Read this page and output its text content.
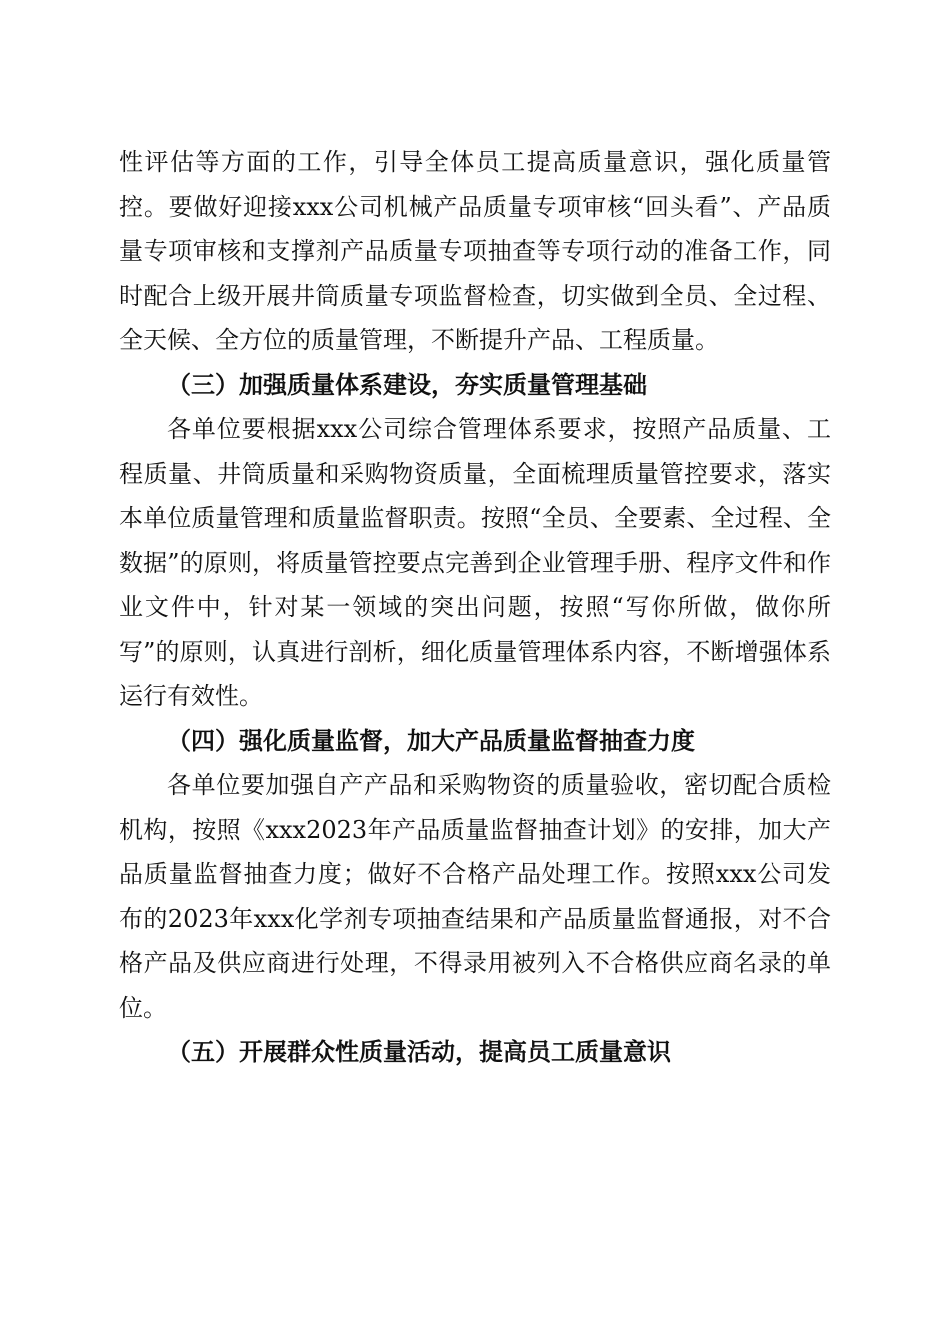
性评估等方面的工作，引导全体员工提高质量意识，强化质量管控。要做好迎接xxx公司机械产品质量专项审核“回头看”、产品质量专项审核和支撑剂产品质量专项抽查等专项行动的准备工作，同时配合上级开展井筒质量专项监督检查，切实做到全员、全过程、全天候、全方位的质量管理，不断提升产品、工程质量。

（三）加强质量体系建设，夯实质量管理基础

各单位要根据xxx公司综合管理体系要求，按照产品质量、工程质量、井筒质量和采购物资质量，全面梳理质量管控要求，落实本单位质量管理和质量监督职责。按照“全员、全要素、全过程、全数据”的原则，将质量管控要点完善到企业管理手册、程序文件和作业文件中，针对某一领域的突出问题，按照“写你所做，做你所写”的原则，认真进行剖析，细化质量管理体系内容，不断增强体系运行有效性。

（四）强化质量监督，加大产品质量监督抽查力度

各单位要加强自产产品和采购物资的质量验收，密切配合质检机构，按照《xxx2023年产品质量监督抽查计划》的安排，加大产品质量监督抽查力度；做好不合格产品处理工作。按照xxx公司发布的2023年xxx化学剂专项抽查结果和产品质量监督通报，对不合格产品及供应商进行处理，不得录用被列入不合格供应商名录的单位。

（五）开展群众性质量活动，提高员工质量意识
